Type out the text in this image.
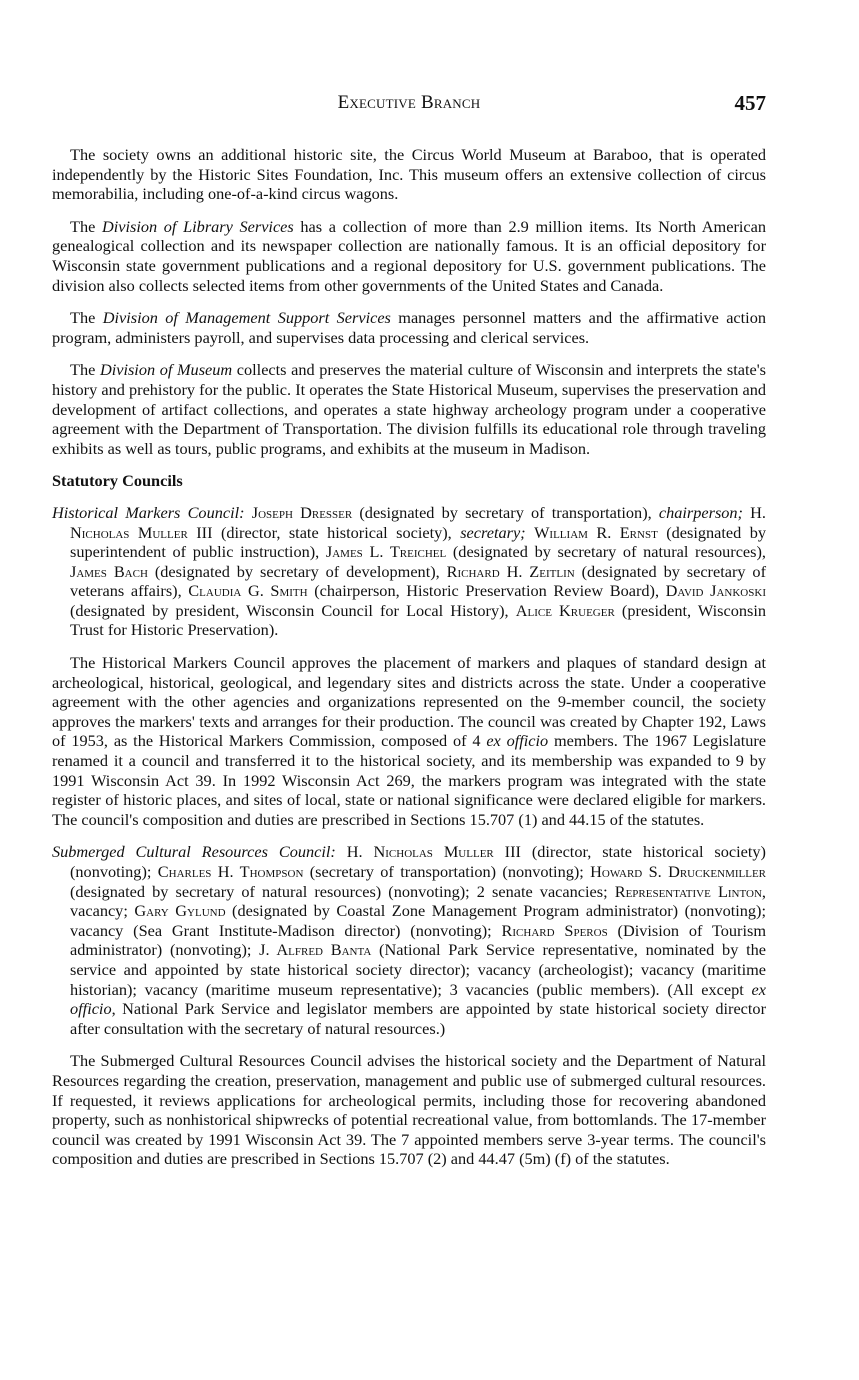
Executive Branch	457

The society owns an additional historic site, the Circus World Museum at Baraboo, that is operated independently by the Historic Sites Foundation, Inc. This museum offers an extensive collection of circus memorabilia, including one-of-a-kind circus wagons.

The Division of Library Services has a collection of more than 2.9 million items. Its North American genealogical collection and its newspaper collection are nationally famous. It is an official depository for Wisconsin state government publications and a regional depository for U.S. government publications. The division also collects selected items from other governments of the United States and Canada.

The Division of Management Support Services manages personnel matters and the affirmative action program, administers payroll, and supervises data processing and clerical services.

The Division of Museum collects and preserves the material culture of Wisconsin and interprets the state's history and prehistory for the public. It operates the State Historical Museum, supervises the preservation and development of artifact collections, and operates a state highway archeology program under a cooperative agreement with the Department of Transportation. The division fulfills its educational role through traveling exhibits as well as tours, public programs, and exhibits at the museum in Madison.

Statutory Councils

Historical Markers Council: Joseph Dresser (designated by secretary of transportation), chairperson; H. Nicholas Muller III (director, state historical society), secretary; William R. Ernst (designated by superintendent of public instruction), James L. Treichel (designated by secretary of natural resources), James Bach (designated by secretary of development), Richard H. Zeitlin (designated by secretary of veterans affairs), Claudia G. Smith (chairperson, Historic Preservation Review Board), David Jankoski (designated by president, Wisconsin Council for Local History), Alice Krueger (president, Wisconsin Trust for Historic Preservation).

The Historical Markers Council approves the placement of markers and plaques of standard design at archeological, historical, geological, and legendary sites and districts across the state. Under a cooperative agreement with the other agencies and organizations represented on the 9-member council, the society approves the markers' texts and arranges for their production. The council was created by Chapter 192, Laws of 1953, as the Historical Markers Commission, composed of 4 ex officio members. The 1967 Legislature renamed it a council and transferred it to the historical society, and its membership was expanded to 9 by 1991 Wisconsin Act 39. In 1992 Wisconsin Act 269, the markers program was integrated with the state register of historic places, and sites of local, state or national significance were declared eligible for markers. The council's composition and duties are prescribed in Sections 15.707 (1) and 44.15 of the statutes.

Submerged Cultural Resources Council: H. Nicholas Muller III (director, state historical society) (nonvoting); Charles H. Thompson (secretary of transportation) (nonvoting); Howard S. Druckenmiller (designated by secretary of natural resources) (nonvoting); 2 senate vacancies; Representative Linton, vacancy; Gary Gylund (designated by Coastal Zone Management Program administrator) (nonvoting); vacancy (Sea Grant Institute-Madison director) (nonvoting); Richard Speros (Division of Tourism administrator) (nonvoting); J. Alfred Banta (National Park Service representative, nominated by the service and appointed by state historical society director); vacancy (archeologist); vacancy (maritime historian); vacancy (maritime museum representative); 3 vacancies (public members). (All except ex officio, National Park Service and legislator members are appointed by state historical society director after consultation with the secretary of natural resources.)

The Submerged Cultural Resources Council advises the historical society and the Department of Natural Resources regarding the creation, preservation, management and public use of submerged cultural resources. If requested, it reviews applications for archeological permits, including those for recovering abandoned property, such as nonhistorical shipwrecks of potential recreational value, from bottomlands. The 17-member council was created by 1991 Wisconsin Act 39. The 7 appointed members serve 3-year terms. The council's composition and duties are prescribed in Sections 15.707 (2) and 44.47 (5m) (f) of the statutes.
